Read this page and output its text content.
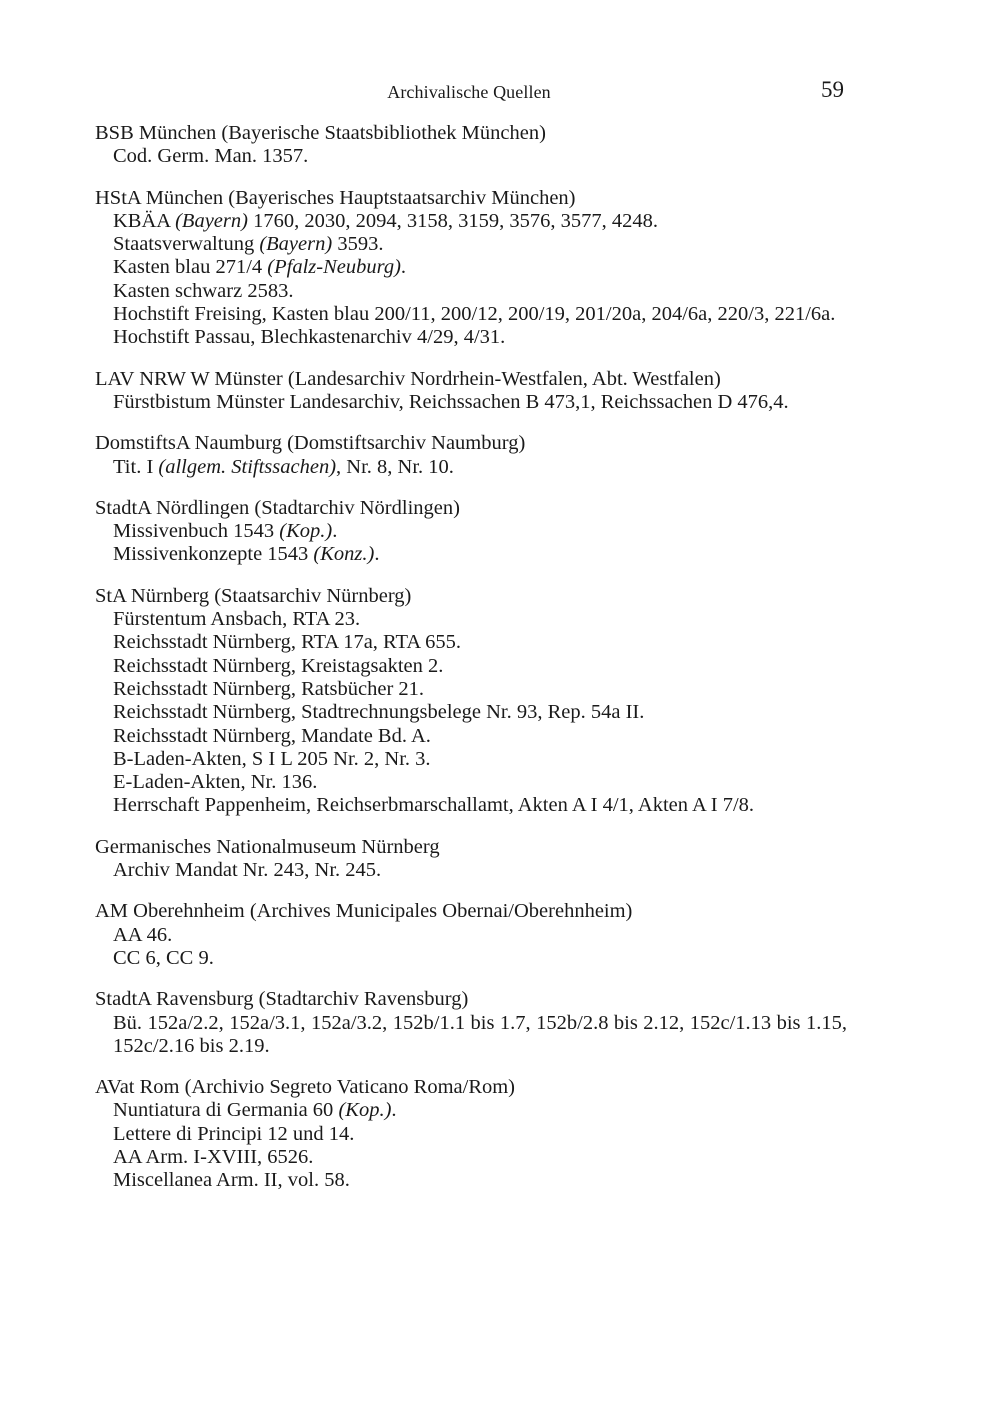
Archivalische Quellen	59
BSB München (Bayerische Staatsbibliothek München)
Cod. Germ. Man. 1357.
HStA München (Bayerisches Hauptstaatsarchiv München)
KBÄA (Bayern) 1760, 2030, 2094, 3158, 3159, 3576, 3577, 4248.
Staatsverwaltung (Bayern) 3593.
Kasten blau 271/4 (Pfalz-Neuburg).
Kasten schwarz 2583.
Hochstift Freising, Kasten blau 200/11, 200/12, 200/19, 201/20a, 204/6a, 220/3, 221/6a.
Hochstift Passau, Blechkastenarchiv 4/29, 4/31.
LAV NRW W Münster (Landesarchiv Nordrhein-Westfalen, Abt. Westfalen)
Fürstbistum Münster Landesarchiv, Reichssachen B 473,1, Reichssachen D 476,4.
DomstiftsA Naumburg (Domstiftsarchiv Naumburg)
Tit. I (allgem. Stiftssachen), Nr. 8, Nr. 10.
StadtA Nördlingen (Stadtarchiv Nördlingen)
Missivenbuch 1543 (Kop.).
Missivenkonzepte 1543 (Konz.).
StA Nürnberg (Staatsarchiv Nürnberg)
Fürstentum Ansbach, RTA 23.
Reichsstadt Nürnberg, RTA 17a, RTA 655.
Reichsstadt Nürnberg, Kreistagsakten 2.
Reichsstadt Nürnberg, Ratsbücher 21.
Reichsstadt Nürnberg, Stadtrechnungsbelege Nr. 93, Rep. 54a II.
Reichsstadt Nürnberg, Mandate Bd. A.
B-Laden-Akten, S I L 205 Nr. 2, Nr. 3.
E-Laden-Akten, Nr. 136.
Herrschaft Pappenheim, Reichserbmarschallamt, Akten A I 4/1, Akten A I 7/8.
Germanisches Nationalmuseum Nürnberg
Archiv Mandat Nr. 243, Nr. 245.
AM Oberehnheim (Archives Municipales Obernai/Oberehnheim)
AA 46.
CC 6, CC 9.
StadtA Ravensburg (Stadtarchiv Ravensburg)
Bü. 152a/2.2, 152a/3.1, 152a/3.2, 152b/1.1 bis 1.7, 152b/2.8 bis 2.12, 152c/1.13 bis 1.15, 152c/2.16 bis 2.19.
AVat Rom (Archivio Segreto Vaticano Roma/Rom)
Nuntiatura di Germania 60 (Kop.).
Lettere di Principi 12 und 14.
AA Arm. I-XVIII, 6526.
Miscellanea Arm. II, vol. 58.
